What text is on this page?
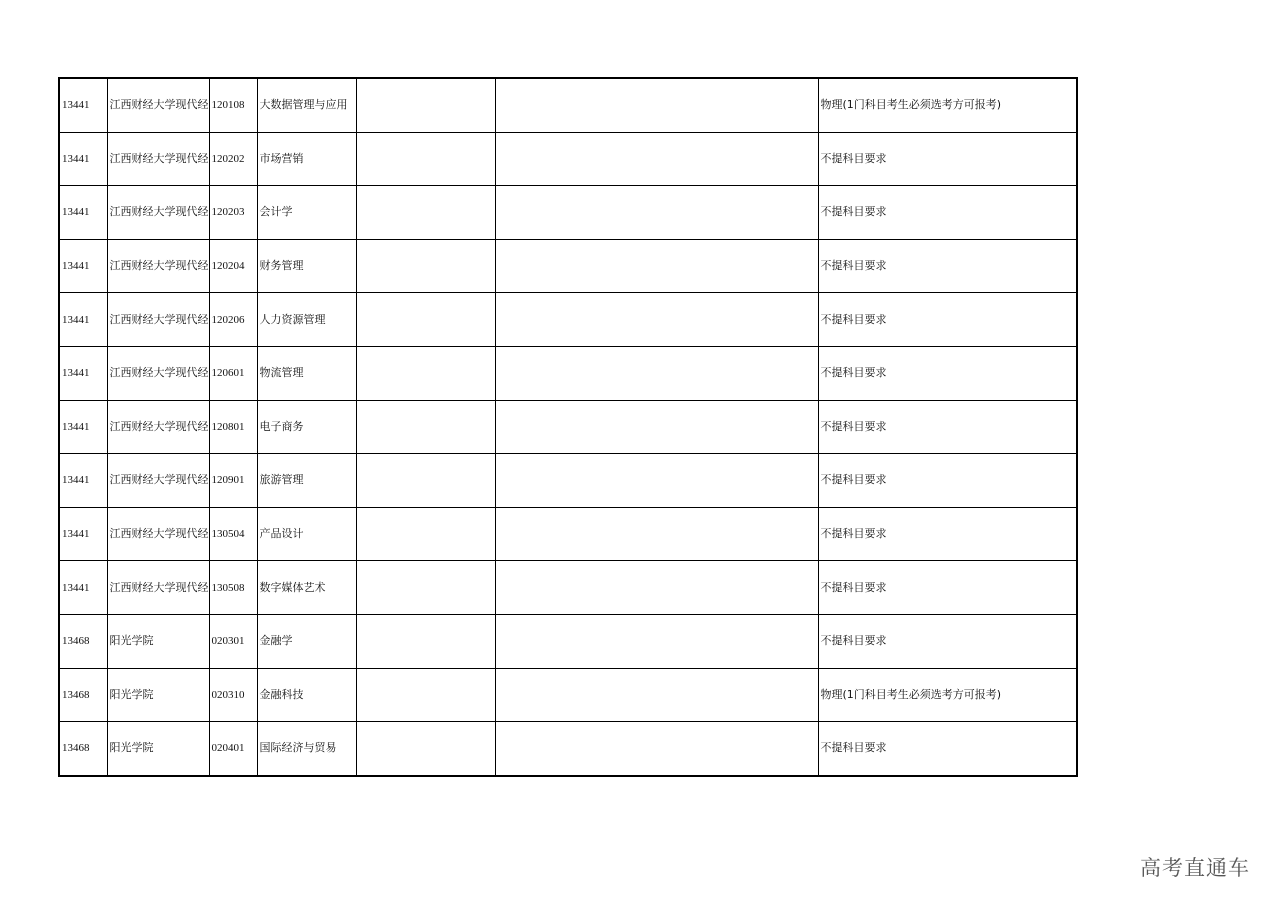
13441	江西财经大学现代经	120108	大数据管理与应用			物理(1门科目考生必须选考方可报考)
13441	江西财经大学现代经	120202	市场营销			不提科目要求
13441	江西财经大学现代经	120203	会计学			不提科目要求
13441	江西财经大学现代经	120204	财务管理			不提科目要求
13441	江西财经大学现代经	120206	人力资源管理			不提科目要求
13441	江西财经大学现代经	120601	物流管理			不提科目要求
13441	江西财经大学现代经	120801	电子商务			不提科目要求
13441	江西财经大学现代经	120901	旅游管理			不提科目要求
13441	江西财经大学现代经	130504	产品设计			不提科目要求
13441	江西财经大学现代经	130508	数字媒体艺术			不提科目要求
13468	阳光学院	020301	金融学			不提科目要求
13468	阳光学院	020310	金融科技			物理(1门科目考生必须选考方可报考)
13468	阳光学院	020401	国际经济与贸易			不提科目要求
高考直通车
